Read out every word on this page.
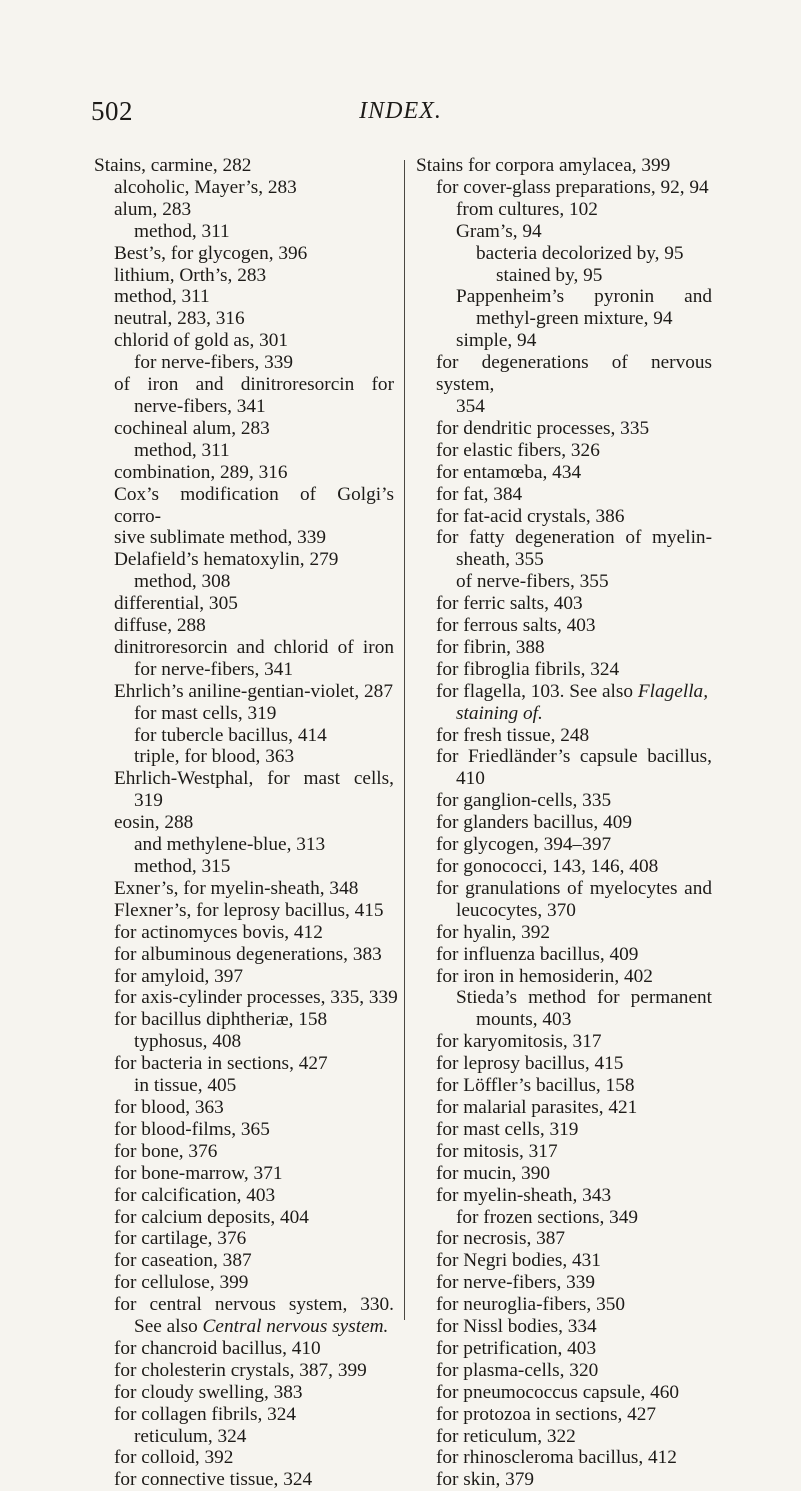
502	INDEX.
Stains, carmine, 282
alcoholic, Mayer’s, 283
alum, 283
method, 311
Best’s, for glycogen, 396
lithium, Orth’s, 283
method, 311
neutral, 283, 316
chlorid of gold as, 301
for nerve-fibers, 339
of iron and dinitroresorcin for
nerve-fibers, 341
cochineal alum, 283
method, 311
combination, 289, 316
Cox’s modification of Golgi’s corro-
sive sublimate method, 339
Delafield’s hematoxylin, 279
method, 308
differential, 305
diffuse, 288
dinitroresorcin and chlorid of iron
for nerve-fibers, 341
Ehrlich’s aniline-gentian-violet, 287
for mast cells, 319
for tubercle bacillus, 414
triple, for blood, 363
Ehrlich-Westphal, for mast cells,
319
eosin, 288
and methylene-blue, 313
method, 315
Exner’s, for myelin-sheath, 348
Flexner’s, for leprosy bacillus, 415
for actinomyces bovis, 412
for albuminous degenerations, 383
for amyloid, 397
for axis-cylinder processes, 335, 339
for bacillus diphtheriæ, 158
typhosus, 408
for bacteria in sections, 427
in tissue, 405
for blood, 363
for blood-films, 365
for bone, 376
for bone-marrow, 371
for calcification, 403
for calcium deposits, 404
for cartilage, 376
for caseation, 387
for cellulose, 399
for central nervous system, 330.
See also Central nervous system.
for chancroid bacillus, 410
for cholesterin crystals, 387, 399
for cloudy swelling, 383
for collagen fibrils, 324
reticulum, 324
for colloid, 392
for connective tissue, 324
Stains for corpora amylacea, 399
for cover-glass preparations, 92, 94
from cultures, 102
Gram’s, 94
bacteria decolorized by, 95
stained by, 95
Pappenheim’s pyronin and
methyl-green mixture, 94
simple, 94
for degenerations of nervous system,
354
for dendritic processes, 335
for elastic fibers, 326
for entamœba, 434
for fat, 384
for fat-acid crystals, 386
for fatty degeneration of myelin-
sheath, 355
of nerve-fibers, 355
for ferric salts, 403
for ferrous salts, 403
for fibrin, 388
for fibroglia fibrils, 324
for flagella, 103. See also Flagella,
staining of.
for fresh tissue, 248
for Friedländer’s capsule bacillus,
410
for ganglion-cells, 335
for glanders bacillus, 409
for glycogen, 394–397
for gonococci, 143, 146, 408
for granulations of myelocytes and
leucocytes, 370
for hyalin, 392
for influenza bacillus, 409
for iron in hemosiderin, 402
Stieda’s method for permanent
mounts, 403
for karyomitosis, 317
for leprosy bacillus, 415
for Löffler’s bacillus, 158
for malarial parasites, 421
for mast cells, 319
for mitosis, 317
for mucin, 390
for myelin-sheath, 343
for frozen sections, 349
for necrosis, 387
for Negri bodies, 431
for nerve-fibers, 339
for neuroglia-fibers, 350
for Nissl bodies, 334
for petrification, 403
for plasma-cells, 320
for pneumococcus capsule, 460
for protozoa in sections, 427
for reticulum, 322
for rhinoscleroma bacillus, 412
for skin, 379
